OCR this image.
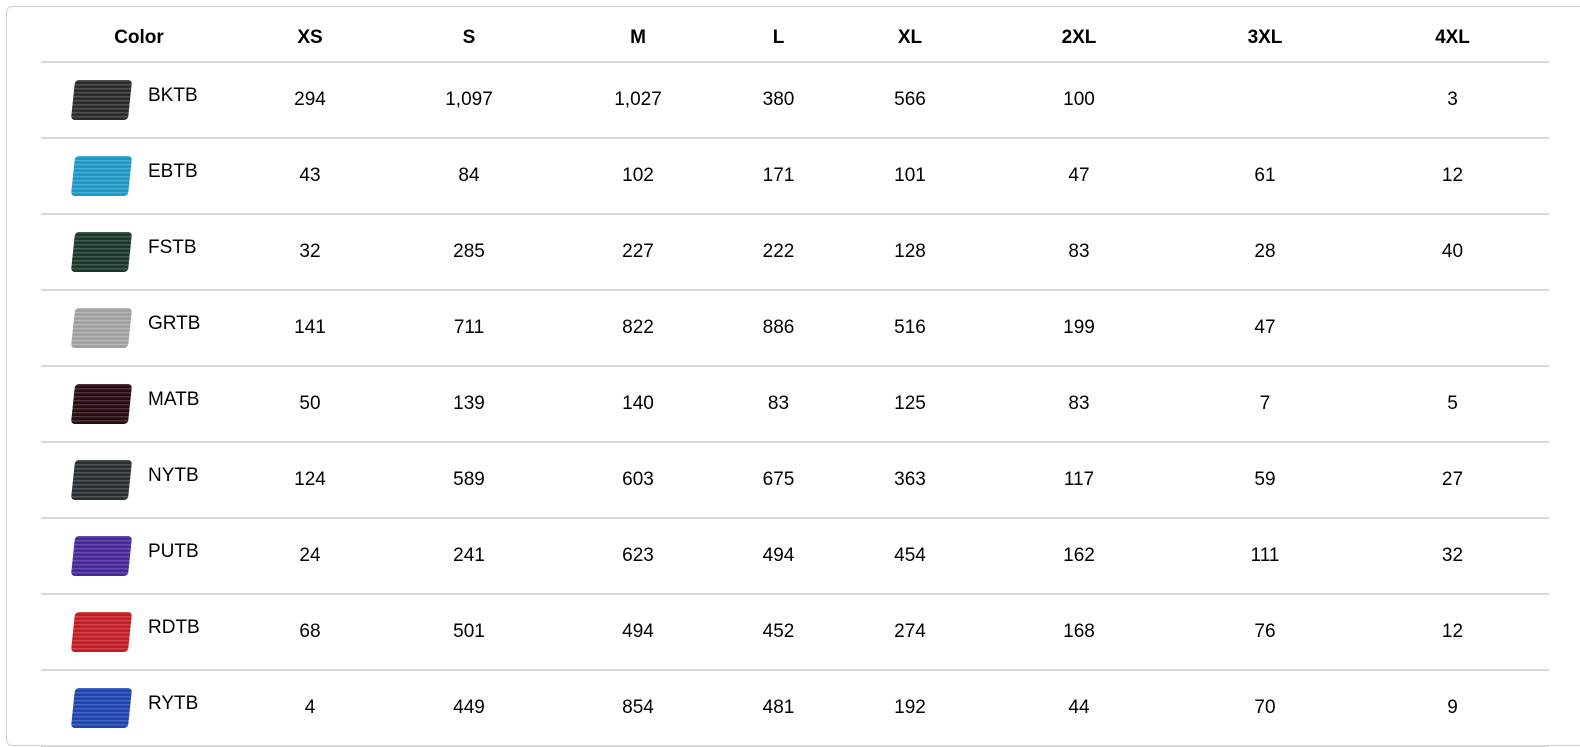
Color	XS	S	M	L	XL	2XL	3XL	4XL

BKTB	294	1,097	1,027	380	566	100		3

EBTB	43	84	102	171	101	47	61	12

FSTB	32	285	227	222	128	83	28	40

GRTB	141	711	822	886	516	199	47	

MATB	50	139	140	83	125	83	7	5

NYTB	124	589	603	675	363	117	59	27

PUTB	24	241	623	494	454	162	111	32

RDTB	68	501	494	452	274	168	76	12

RYTB	4	449	854	481	192	44	70	9
